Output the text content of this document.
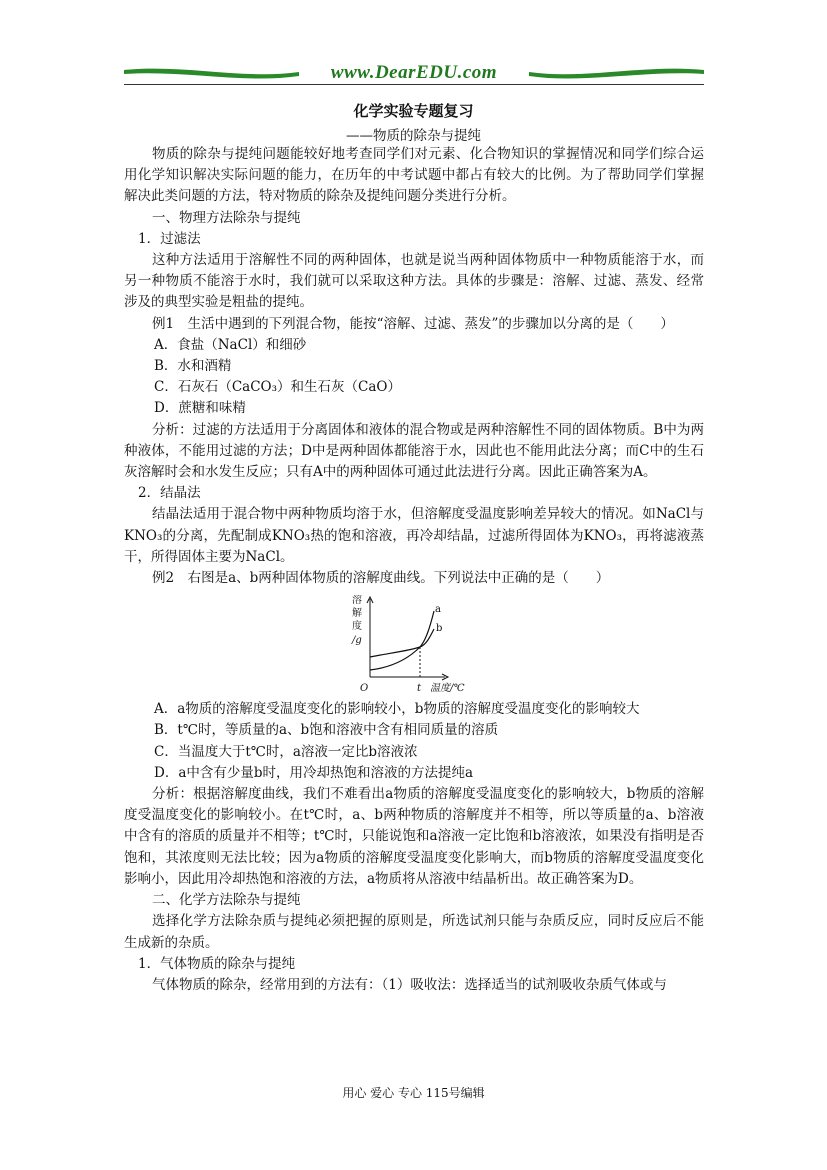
www.DearEDU.com
化学实验专题复习
——物质的除杂与提纯

物质的除杂与提纯问题能较好地考查同学们对元素、化合物知识的掌握情况和同学们综合运用化学知识解决实际问题的能力，在历年的中考试题中都占有较大的比例。为了帮助同学们掌握解决此类问题的方法，特对物质的除杂及提纯问题分类进行分析。

一、物理方法除杂与提纯

1．过滤法

这种方法适用于溶解性不同的两种固体，也就是说当两种固体物质中一种物质能溶于水，而另一种物质不能溶于水时，我们就可以采取这种方法。具体的步骤是：溶解、过滤、蒸发、经常涉及的典型实验是粗盐的提纯。

例1　生活中遇到的下列混合物，能按“溶解、过滤、蒸发”的步骤加以分离的是（　　）

A．食盐（NaCl）和细砂

B．水和酒精

C．石灰石（CaCO₃）和生石灰（CaO）

D．蔗糖和味精

分析：过滤的方法适用于分离固体和液体的混合物或是两种溶解性不同的固体物质。B中为两种液体，不能用过滤的方法；D中是两种固体都能溶于水，因此也不能用此法分离；而C中的生石灰溶解时会和水发生反应；只有A中的两种固体可通过此法进行分离。因此正确答案为A。

2．结晶法

结晶法适用于混合物中两种物质均溶于水，但溶解度受温度影响差异较大的情况。如NaCl与KNO₃的分离，先配制成KNO₃热的饱和溶液，再冷却结晶，过滤所得固体为KNO₃，再将滤液蒸干，所得固体主要为NaCl。

例2　右图是a、b两种固体物质的溶解度曲线。下列说法中正确的是（　　）

溶
解
度
/g
a
b
O	t 温度/℃

A．a物质的溶解度受温度变化的影响较小，b物质的溶解度受温度变化的影响较大

B．t℃时，等质量的a、b饱和溶液中含有相同质量的溶质

C．当温度大于t℃时，a溶液一定比b溶液浓

D．a中含有少量b时，用冷却热饱和溶液的方法提纯a

分析：根据溶解度曲线，我们不难看出a物质的溶解度受温度变化的影响较大，b物质的溶解度受温度变化的影响较小。在t℃时，a、b两种物质的溶解度并不相等，所以等质量的a、b溶液中含有的溶质的质量并不相等；t℃时，只能说饱和a溶液一定比饱和b溶液浓，如果没有指明是否饱和，其浓度则无法比较；因为a物质的溶解度受温度变化影响大，而b物质的溶解度受温度变化影响小，因此用冷却热饱和溶液的方法，a物质将从溶液中结晶析出。故正确答案为D。

二、化学方法除杂与提纯

选择化学方法除杂质与提纯必须把握的原则是，所选试剂只能与杂质反应，同时反应后不能生成新的杂质。

1．气体物质的除杂与提纯

气体物质的除杂，经常用到的方法有：（1）吸收法：选择适当的试剂吸收杂质气体或与

用心 爱心 专心 115号编辑
